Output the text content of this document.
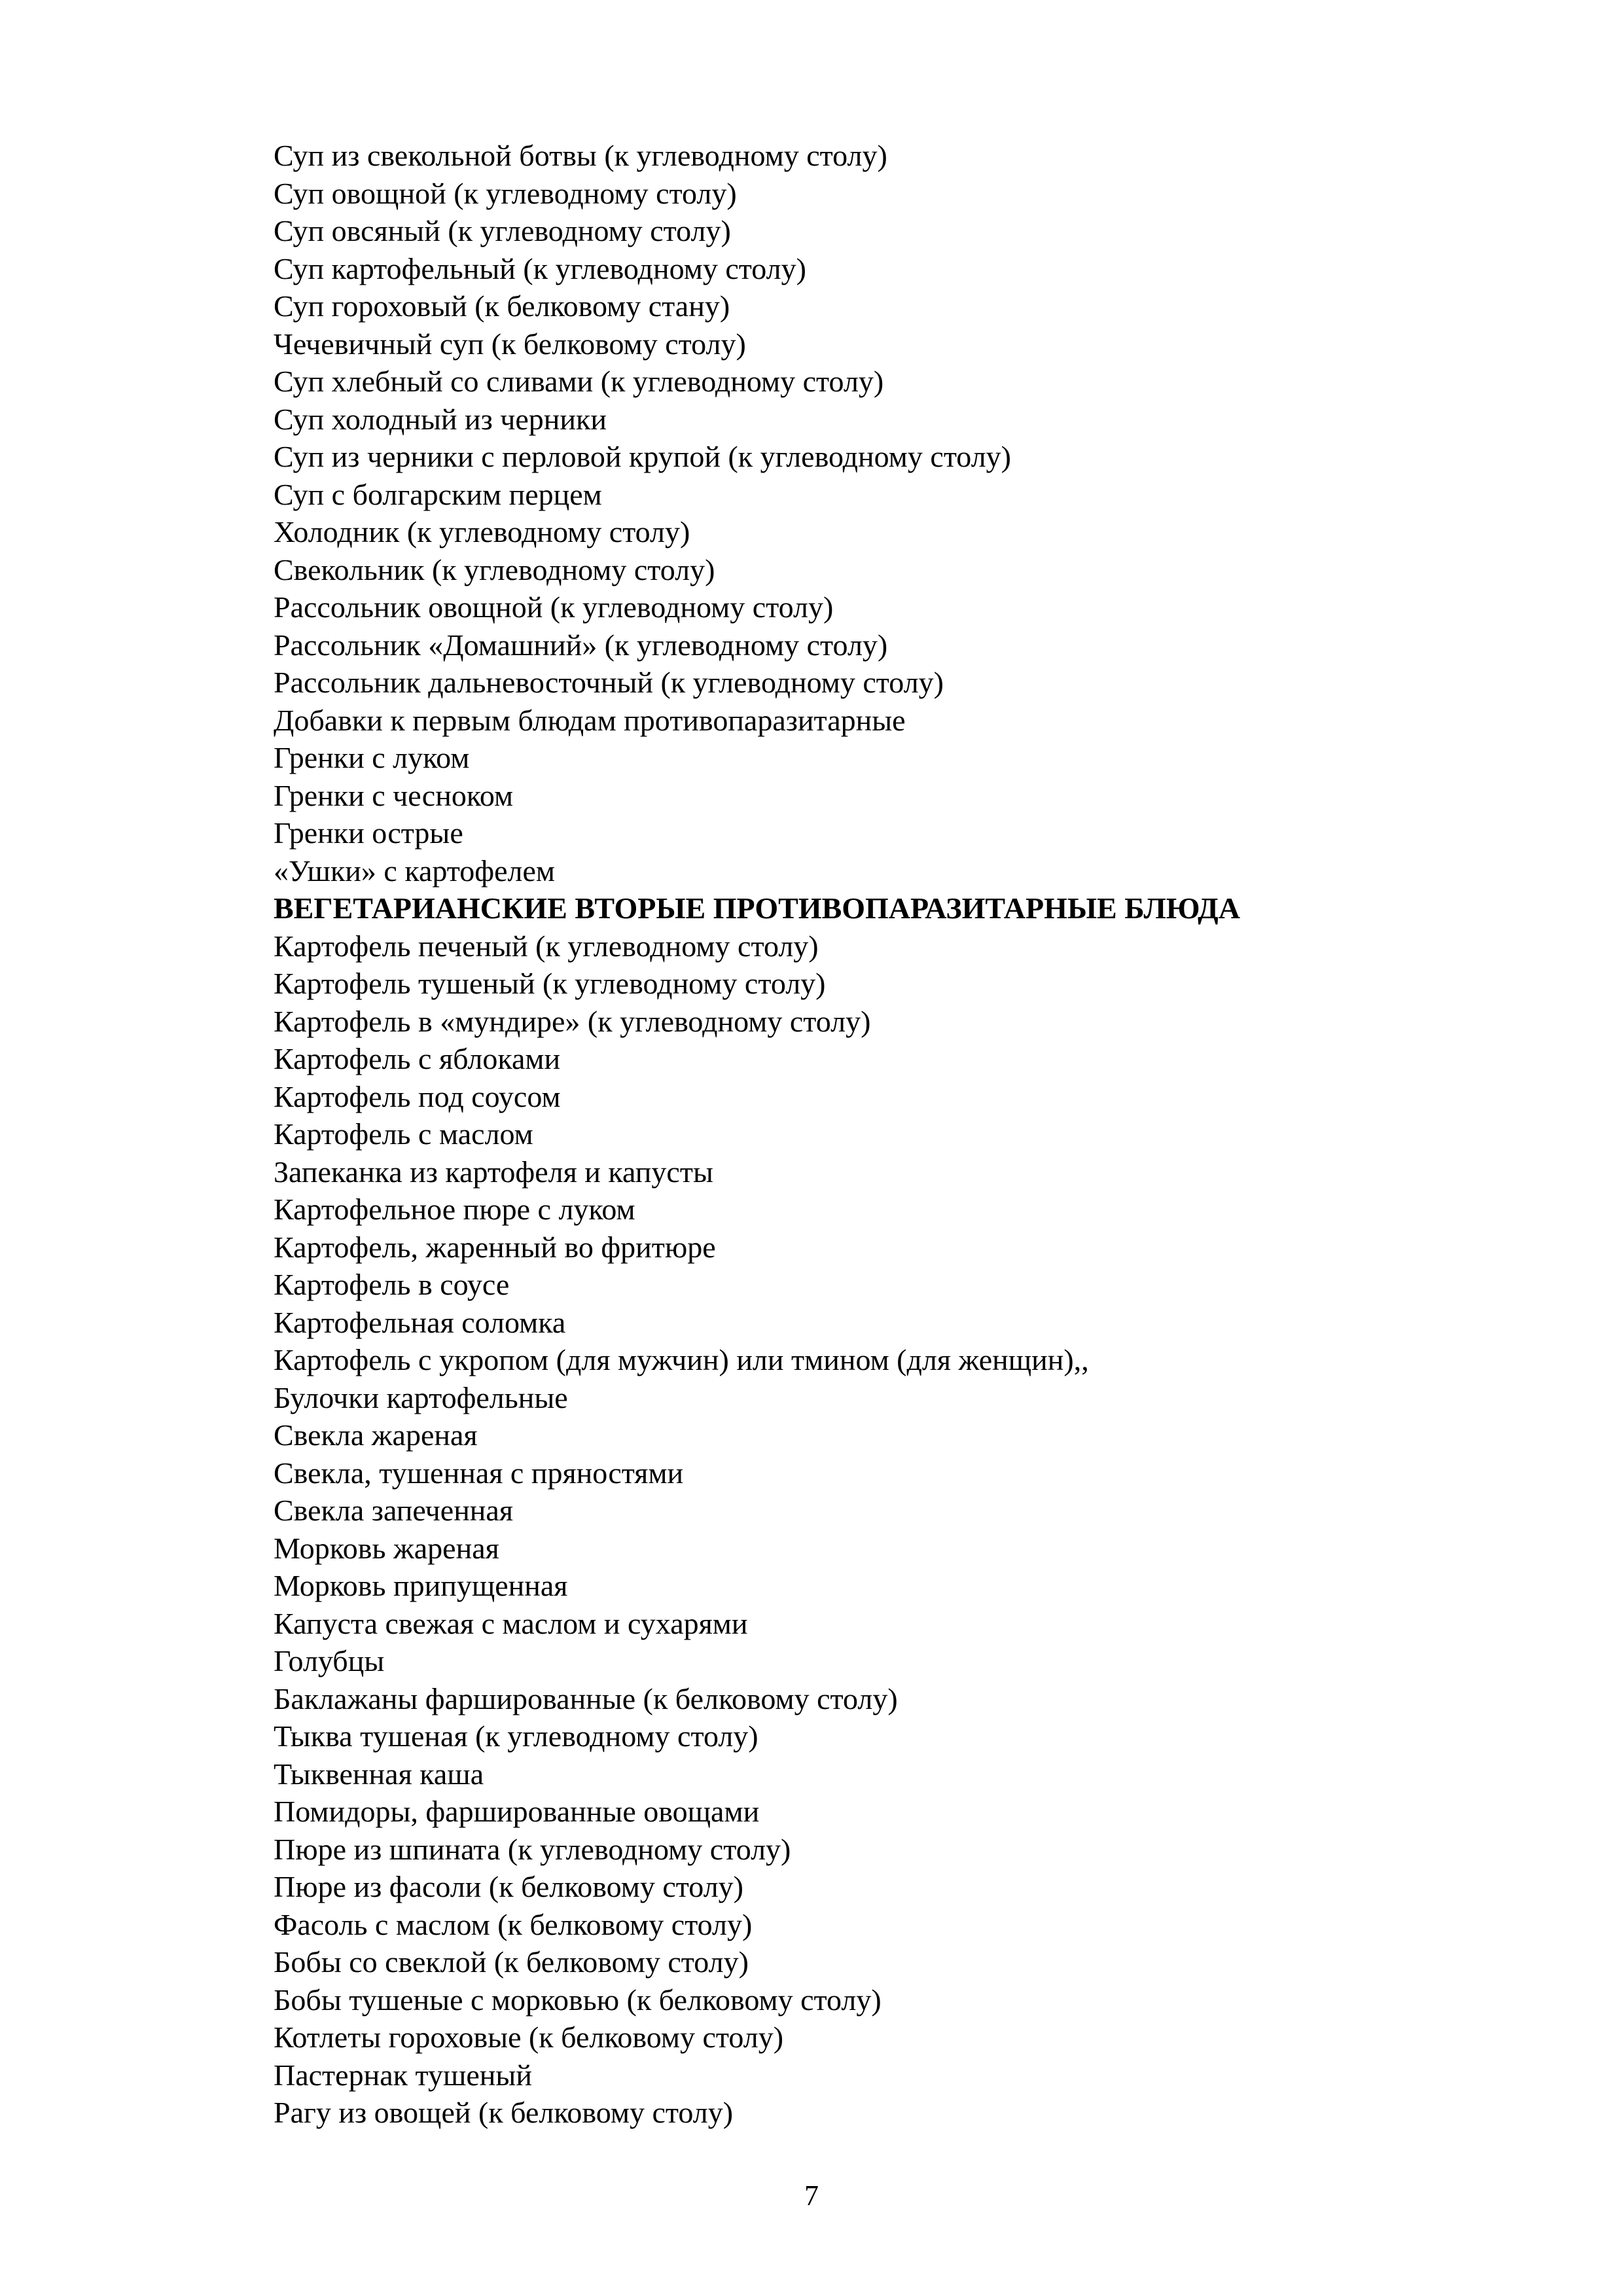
Суп из свекольной ботвы (к углеводному столу)
Суп овощной (к углеводному столу)
Суп овсяный (к углеводному столу)
Суп картофельный (к углеводному столу)
Суп гороховый (к белковому стану)
Чечевичный суп (к белковому столу)
Суп хлебный со сливами (к углеводному столу)
Суп холодный из черники
Суп из черники с перловой крупой (к углеводному столу)
Суп с болгарским перцем
Холодник (к углеводному столу)
Свекольник (к углеводному столу)
Рассольник овощной (к углеводному столу)
Рассольник «Домашний» (к углеводному столу)
Рассольник дальневосточный (к углеводному столу)
Добавки к первым блюдам противопаразитарные
Гренки с луком
Гренки с чесноком
Гренки острые
«Ушки» с картофелем
ВЕГЕТАРИАНСКИЕ ВТОРЫЕ ПРОТИВОПАРАЗИТАРНЫЕ БЛЮДА
Картофель печеный (к углеводному столу)
Картофель тушеный (к углеводному столу)
Картофель в «мундире» (к углеводному столу)
Картофель с яблоками
Картофель под соусом
Картофель с маслом
Запеканка из картофеля и капусты
Картофельное пюре с луком
Картофель, жаренный во фритюре
Картофель в соусе
Картофельная соломка
Картофель с укропом (для мужчин) или тмином (для женщин),,
Булочки картофельные
Свекла жареная
Свекла, тушенная с пряностями
Свекла запеченная
Морковь жареная
Морковь припущенная
Капуста свежая с маслом и сухарями
Голубцы
Баклажаны фаршированные (к белковому столу)
Тыква тушеная (к углеводному столу)
Тыквенная каша
Помидоры, фаршированные овощами
Пюре из шпината (к углеводному столу)
Пюре из фасоли (к белковому столу)
Фасоль с маслом (к белковому столу)
Бобы со свеклой (к белковому столу)
Бобы тушеные с морковью (к белковому столу)
Котлеты гороховые (к белковому столу)
Пастернак тушеный
Рагу из овощей (к белковому столу)
7
